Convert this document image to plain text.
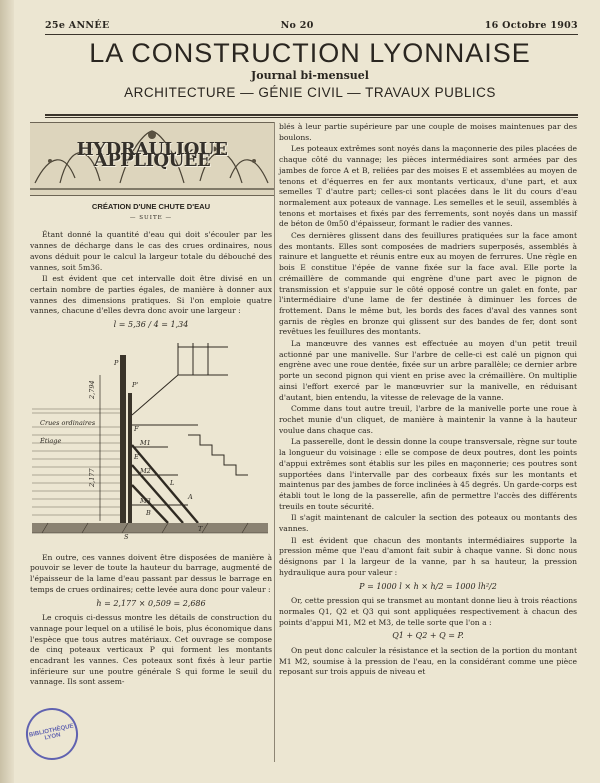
25e ANNÉE	No 20	16 Octobre 1903
LA CONSTRUCTION LYONNAISE
Journal bi-mensuel
ARCHITECTURE — GÉNIE CIVIL — TRAVAUX PUBLICS
HYDRAULIQUE APPLIQUÉE
CRÉATION D'UNE CHUTE D'EAU
— SUITE —

Étant donné la quantité d'eau qui doit s'écouler par les vannes de décharge dans le cas des crues ordinaires, nous avons déduit pour le calcul la largeur totale du débouché des vannes, soit 5m36.

Il est évident que cet intervalle doit être divisé en un certain nombre de parties égales, de manière à donner aux vannes des dimensions pratiques. Si l'on emploie quatre vannes, chacune d'elles devra donc avoir une largeur :

l = 5,36 / 4 = 1,34
Crues ordinaires
Étiage
2,794
2,177
P
P'
F
E
M1
M2
M3	A
B
L
S
T

En outre, ces vannes doivent être disposées de manière à pouvoir se lever de toute la hauteur du barrage, augmenté de l'épaisseur de la lame d'eau passant par dessus le barrage en temps de crues ordinaires; cette levée aura donc pour valeur :

h = 2,177 × 0,509 = 2,686

Le croquis ci-dessus montre les détails de construction du vannage pour lequel on a utilisé le bois, plus économique dans l'espèce que tous autres matériaux. Cet ouvrage se compose de cinq poteaux verticaux P qui forment les montants encadrant les vannes. Ces poteaux sont fixés à leur partie inférieure sur une poutre générale S qui forme le seuil du vannage. Ils sont assem-

blés à leur partie supérieure par une couple de moises maintenues par des boulons.

Les poteaux extrêmes sont noyés dans la maçonnerie des piles placées de chaque côté du vannage; les pièces intermédiaires sont armées par des jambes de force A et B, reliées par des moises E et assemblées au moyen de tenons et d'équerres en fer aux montants verticaux, d'une part, et aux semelles T d'autre part; celles-ci sont placées dans le lit du cours d'eau normalement aux poteaux de vannage. Les semelles et le seuil, assemblés à tenons et mortaises et fixés par des ferrements, sont noyés dans un massif de béton de 0m50 d'épaisseur, formant le radier des vannes.

Ces dernières glissent dans des feuillures pratiquées sur la face amont des montants. Elles sont composées de madriers superposés, assemblés à rainure et languette et réunis entre eux au moyen de ferrures. Une règle en bois E constitue l'épée de vanne fixée sur la face aval. Elle porte la crémaillère de commande qui engrène d'une part avec le pignon de transmission et s'appuie sur le côté opposé contre un galet en fonte, par l'intermédiaire d'une lame de fer destinée à diminuer les forces de frottement. Dans le même but, les bords des faces d'aval des vannes sont garnis de règles en bronze qui glissent sur des bandes de fer, dont sont revêtues les feuillures des montants.

La manœuvre des vannes est effectuée au moyen d'un petit treuil actionné par une manivelle. Sur l'arbre de celle-ci est calé un pignon qui engrène avec une roue dentée, fixée sur un arbre parallèle; ce dernier arbre porte un second pignon qui vient en prise avec la crémaillère. On multiplie ainsi l'effort exercé par le manœuvrier sur la manivelle, en réduisant d'autant, bien entendu, la vitesse de relevage de la vanne.

Comme dans tout autre treuil, l'arbre de la manivelle porte une roue à rochet munie d'un cliquet, de manière à maintenir la vanne à la hauteur voulue dans chaque cas.

La passerelle, dont le dessin donne la coupe transversale, règne sur toute la longueur du voisinage : elle se compose de deux poutres, dont les points d'appui extrêmes sont établis sur les piles en maçonnerie; ces poutres sont supportées dans l'intervalle par des corbeaux fixés sur les montants et maintenus par des jambes de force inclinées à 45 degrés. Un garde-corps est établi tout le long de la passerelle, afin de permettre l'accès des différents treuils en toute sécurité.

Il s'agit maintenant de calculer la section des poteaux ou montants des vannes.

Il est évident que chacun des montants intermédiaires supporte la pression même que l'eau d'amont fait subir à chaque vanne. Si donc nous désignons par l la largeur de la vanne, par h sa hauteur, la pression hydraulique aura pour valeur :

P = 1000 l × h × h/2 = 1000 lh²/2

Or, cette pression qui se transmet au montant donne lieu à trois réactions normales Q1, Q2 et Q3 qui sont appliquées respectivement à chacun des points d'appui M1, M2 et M3, de telle sorte que l'on a :

Q1 + Q2 + Q = P.

On peut donc calculer la résistance et la section de la portion du montant M1 M2, soumise à la pression de l'eau, en la considérant comme une pièce reposant sur trois appuis de niveau et

BIBLIOTHÈQUE LYON
